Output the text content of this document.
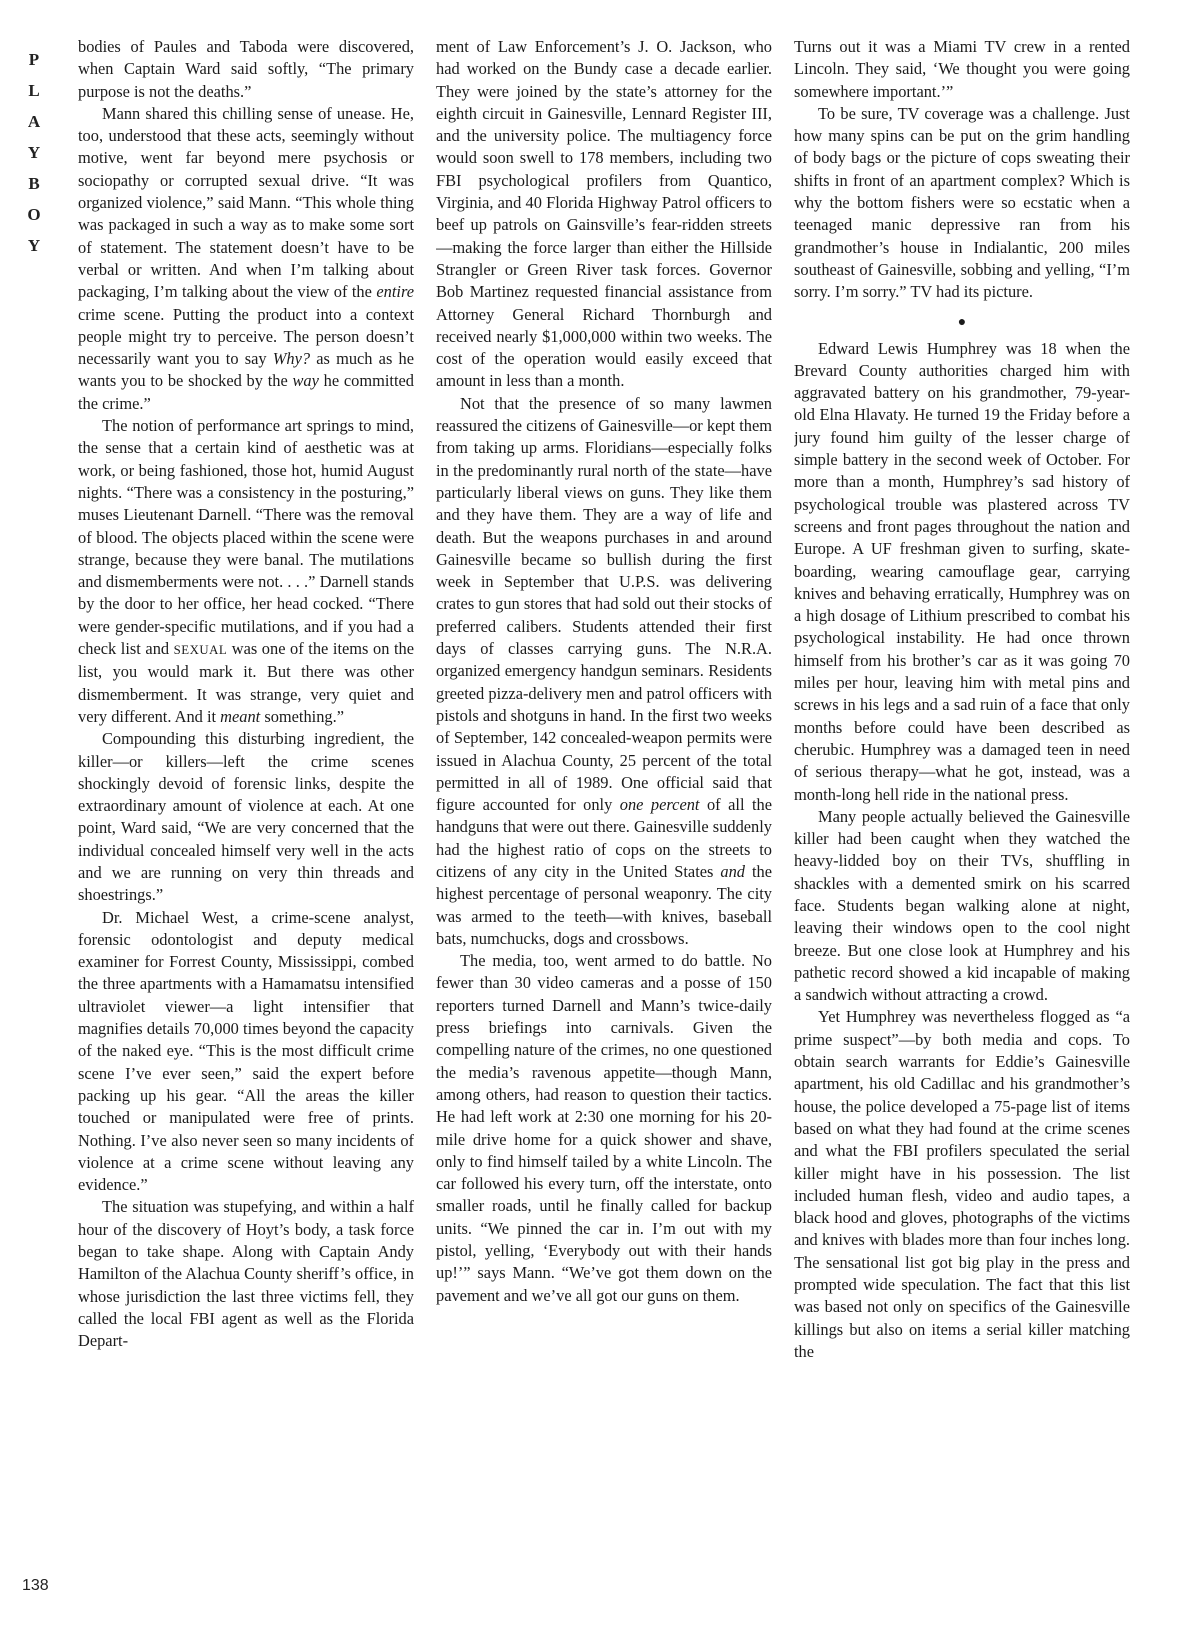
P
L
A
Y
B
O
Y
138

bodies of Paules and Taboda were discovered, when Captain Ward said softly, “The primary purpose is not the deaths.”

Mann shared this chilling sense of unease. He, too, understood that these acts, seemingly without motive, went far beyond mere psychosis or sociopathy or corrupted sexual drive. “It was organized violence,” said Mann. “This whole thing was packaged in such a way as to make some sort of statement. The statement doesn’t have to be verbal or written. And when I’m talking about packaging, I’m talking about the view of the entire crime scene. Putting the product into a context people might try to perceive. The person doesn’t necessarily want you to say Why? as much as he wants you to be shocked by the way he committed the crime.”

The notion of performance art springs to mind, the sense that a certain kind of aesthetic was at work, or being fashioned, those hot, humid August nights. “There was a consistency in the posturing,” muses Lieutenant Darnell. “There was the removal of blood. The objects placed within the scene were strange, because they were banal. The mutilations and dismemberments were not. . . .” Darnell stands by the door to her office, her head cocked. “There were gender-specific mutilations, and if you had a check list and SEXUAL was one of the items on the list, you would mark it. But there was other dismemberment. It was strange, very quiet and very different. And it meant something.”

Compounding this disturbing ingredient, the killer—or killers—left the crime scenes shockingly devoid of forensic links, despite the extraordinary amount of violence at each. At one point, Ward said, “We are very concerned that the individual concealed himself very well in the acts and we are running on very thin threads and shoestrings.”

Dr. Michael West, a crime-scene analyst, forensic odontologist and deputy medical examiner for Forrest County, Mississippi, combed the three apartments with a Hamamatsu intensified ultraviolet viewer—a light intensifier that magnifies details 70,000 times beyond the capacity of the naked eye. “This is the most difficult crime scene I’ve ever seen,” said the expert before packing up his gear. “All the areas the killer touched or manipulated were free of prints. Nothing. I’ve also never seen so many incidents of violence at a crime scene without leaving any evidence.”

The situation was stupefying, and within a half hour of the discovery of Hoyt’s body, a task force began to take shape. Along with Captain Andy Hamilton of the Alachua County sheriff’s office, in whose jurisdiction the last three victims fell, they called the local FBI agent as well as the Florida Depart-

ment of Law Enforcement’s J. O. Jackson, who had worked on the Bundy case a decade earlier. They were joined by the state’s attorney for the eighth circuit in Gainesville, Lennard Register III, and the university police. The multiagency force would soon swell to 178 members, including two FBI psychological profilers from Quantico, Virginia, and 40 Florida Highway Patrol officers to beef up patrols on Gainsville’s fear-ridden streets—making the force larger than either the Hillside Strangler or Green River task forces. Governor Bob Martinez requested financial assistance from Attorney General Richard Thornburgh and received nearly $1,000,000 within two weeks. The cost of the operation would easily exceed that amount in less than a month.

Not that the presence of so many lawmen reassured the citizens of Gainesville—or kept them from taking up arms. Floridians—especially folks in the predominantly rural north of the state—have particularly liberal views on guns. They like them and they have them. They are a way of life and death. But the weapons purchases in and around Gainesville became so bullish during the first week in September that U.P.S. was delivering crates to gun stores that had sold out their stocks of preferred calibers. Students attended their first days of classes carrying guns. The N.R.A. organized emergency handgun seminars. Residents greeted pizza-delivery men and patrol officers with pistols and shotguns in hand. In the first two weeks of September, 142 concealed-weapon permits were issued in Alachua County, 25 percent of the total permitted in all of 1989. One official said that figure accounted for only one percent of all the handguns that were out there. Gainesville suddenly had the highest ratio of cops on the streets to citizens of any city in the United States and the highest percentage of personal weaponry. The city was armed to the teeth—with knives, baseball bats, numchucks, dogs and crossbows.

The media, too, went armed to do battle. No fewer than 30 video cameras and a posse of 150 reporters turned Darnell and Mann’s twice-daily press briefings into carnivals. Given the compelling nature of the crimes, no one questioned the media’s ravenous appetite—though Mann, among others, had reason to question their tactics. He had left work at 2:30 one morning for his 20-mile drive home for a quick shower and shave, only to find himself tailed by a white Lincoln. The car followed his every turn, off the interstate, onto smaller roads, until he finally called for backup units. “We pinned the car in. I’m out with my pistol, yelling, ‘Everybody out with their hands up!’” says Mann. “We’ve got them down on the pavement and we’ve all got our guns on them.

Turns out it was a Miami TV crew in a rented Lincoln. They said, ‘We thought you were going somewhere important.’”

To be sure, TV coverage was a challenge. Just how many spins can be put on the grim handling of body bags or the picture of cops sweating their shifts in front of an apartment complex? Which is why the bottom fishers were so ecstatic when a teenaged manic depressive ran from his grandmother’s house in Indialantic, 200 miles southeast of Gainesville, sobbing and yelling, “I’m sorry. I’m sorry.” TV had its picture.

●

Edward Lewis Humphrey was 18 when the Brevard County authorities charged him with aggravated battery on his grandmother, 79-year-old Elna Hlavaty. He turned 19 the Friday before a jury found him guilty of the lesser charge of simple battery in the second week of October. For more than a month, Humphrey’s sad history of psychological trouble was plastered across TV screens and front pages throughout the nation and Europe. A UF freshman given to surfing, skate-boarding, wearing camouflage gear, carrying knives and behaving erratically, Humphrey was on a high dosage of Lithium prescribed to combat his psychological instability. He had once thrown himself from his brother’s car as it was going 70 miles per hour, leaving him with metal pins and screws in his legs and a sad ruin of a face that only months before could have been described as cherubic. Humphrey was a damaged teen in need of serious therapy—what he got, instead, was a month-long hell ride in the national press.

Many people actually believed the Gainesville killer had been caught when they watched the heavy-lidded boy on their TVs, shuffling in shackles with a demented smirk on his scarred face. Students began walking alone at night, leaving their windows open to the cool night breeze. But one close look at Humphrey and his pathetic record showed a kid incapable of making a sandwich without attracting a crowd.

Yet Humphrey was nevertheless flogged as “a prime suspect”—by both media and cops. To obtain search warrants for Eddie’s Gainesville apartment, his old Cadillac and his grandmother’s house, the police developed a 75-page list of items based on what they had found at the crime scenes and what the FBI profilers speculated the serial killer might have in his possession. The list included human flesh, video and audio tapes, a black hood and gloves, photographs of the victims and knives with blades more than four inches long. The sensational list got big play in the press and prompted wide speculation. The fact that this list was based not only on specifics of the Gainesville killings but also on items a serial killer matching the
